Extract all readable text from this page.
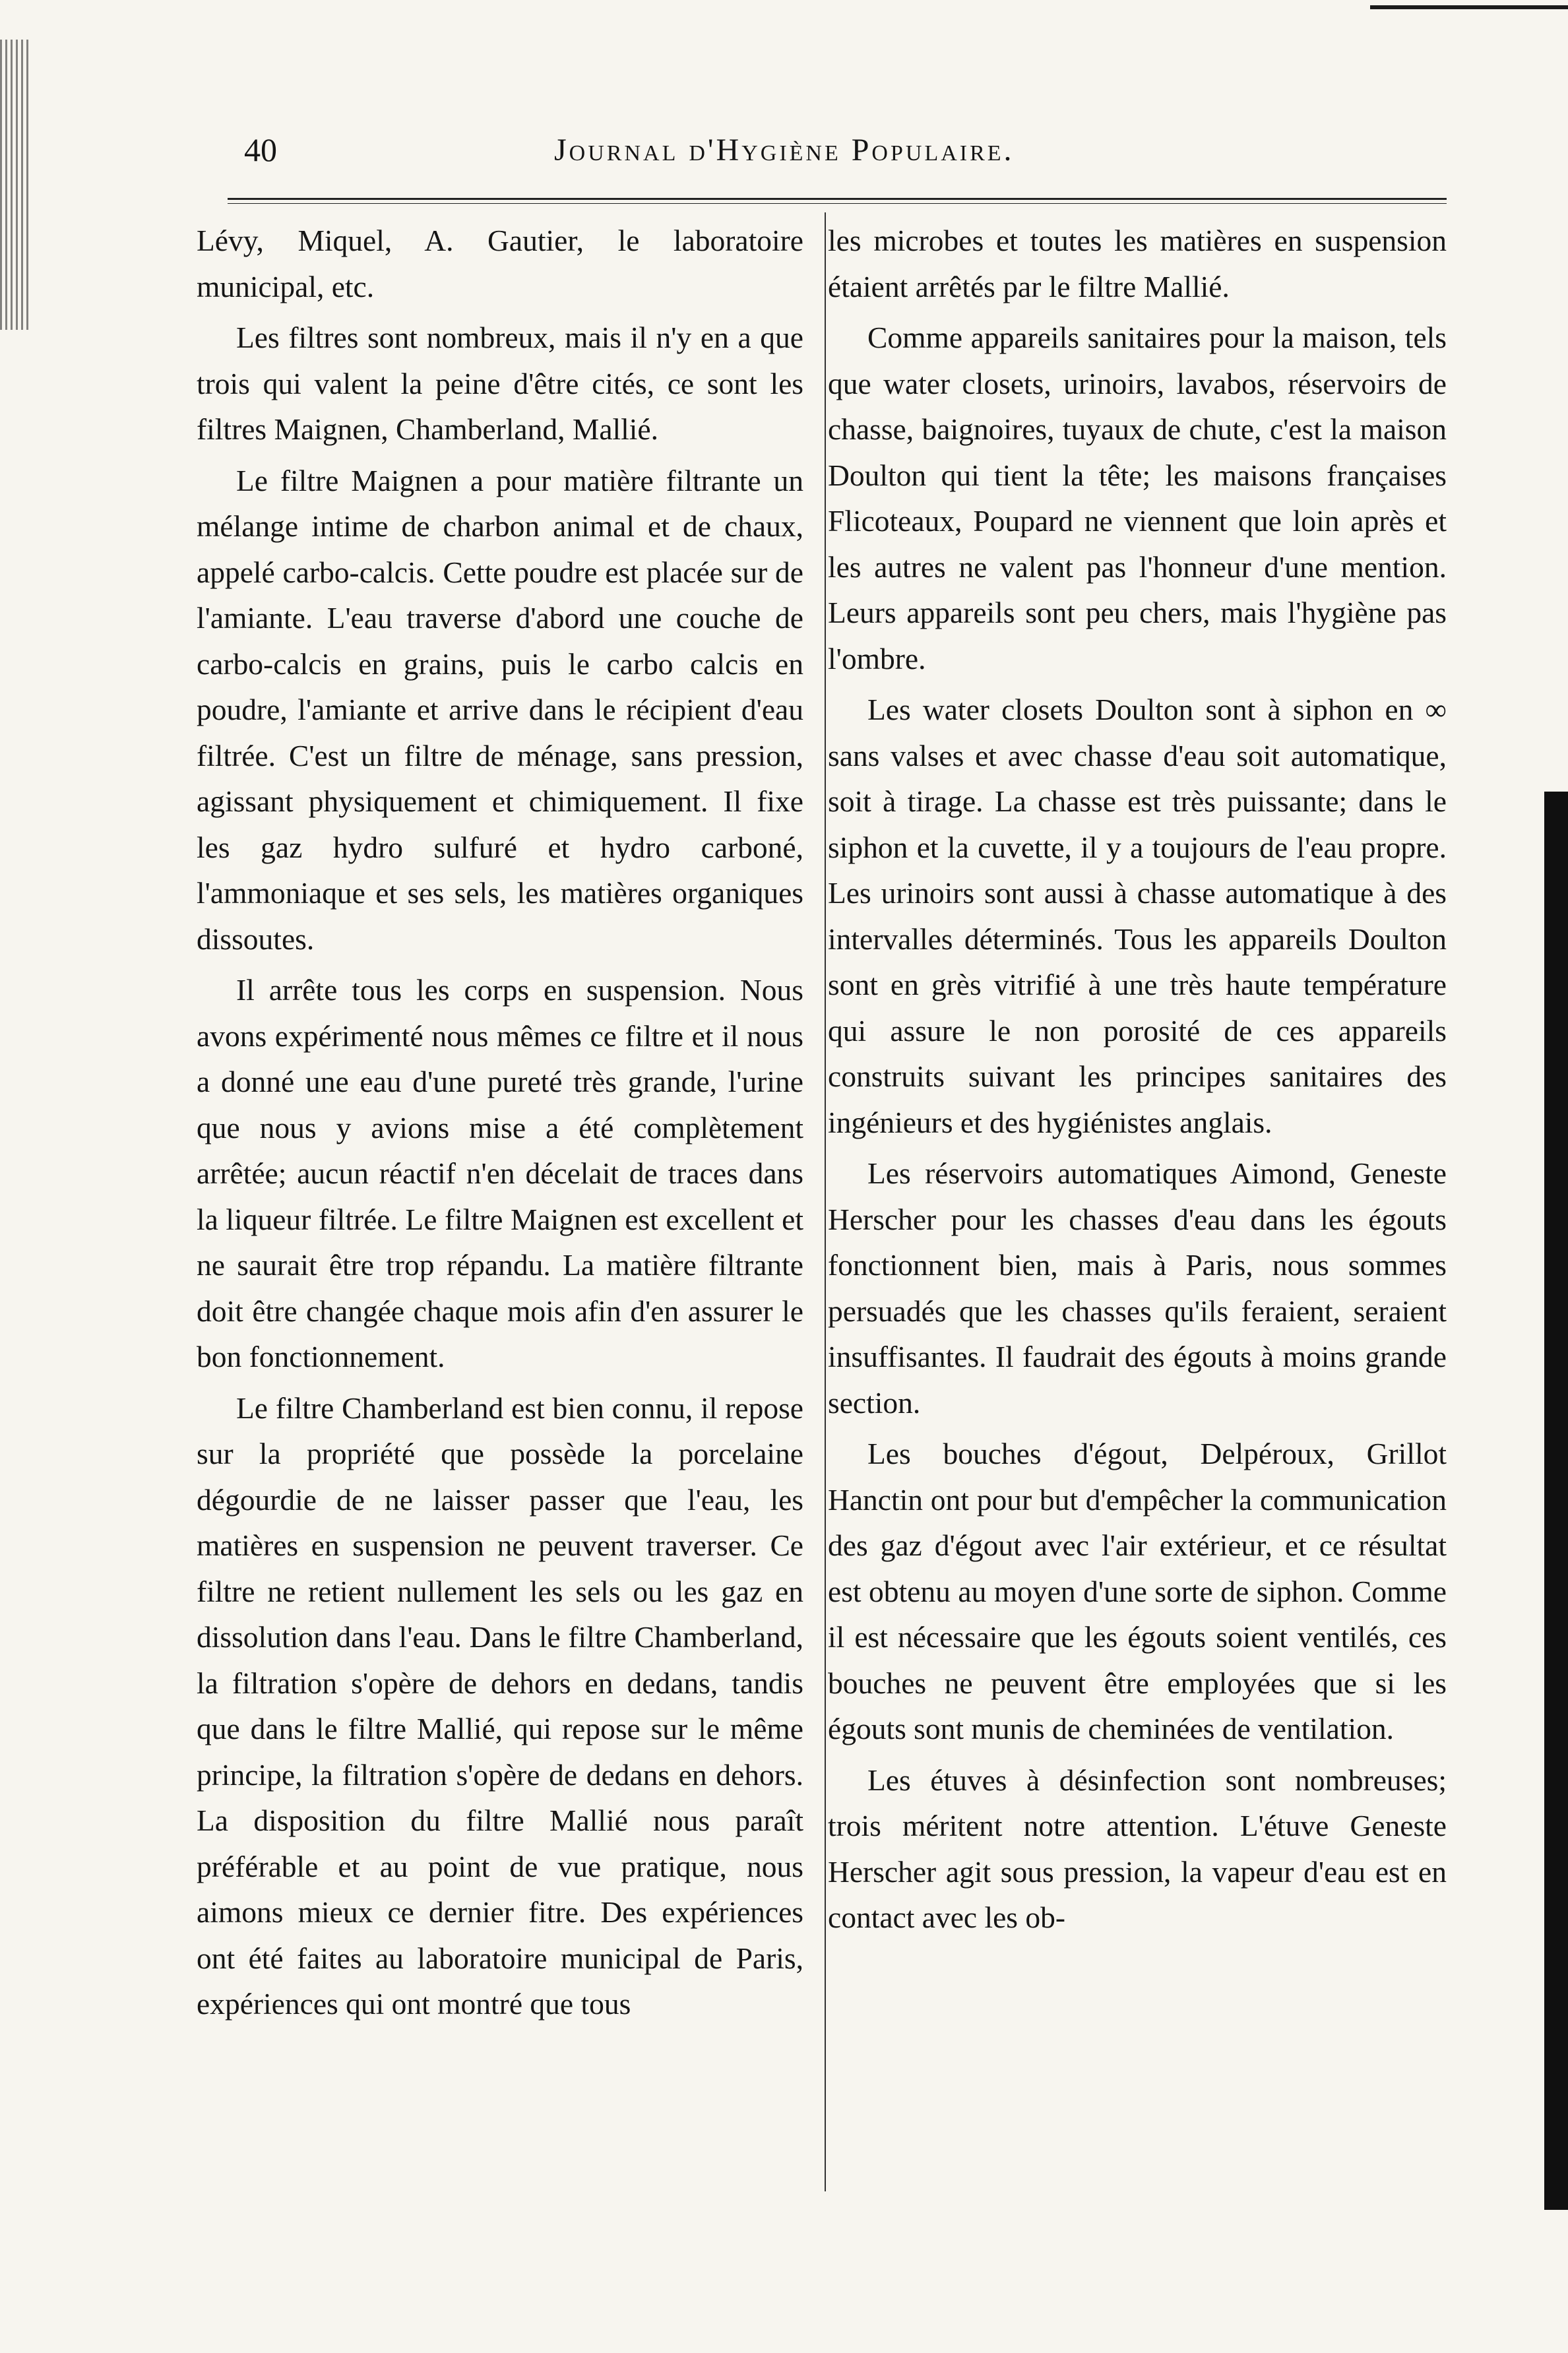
40	Journal d'Hygiène Populaire.

Lévy, Miquel, A. Gautier, le laboratoire municipal, etc.

Les filtres sont nombreux, mais il n'y en a que trois qui valent la peine d'être cités, ce sont les filtres Maignen, Chamberland, Mallié.

Le filtre Maignen a pour matière filtrante un mélange intime de charbon animal et de chaux, appelé carbo-calcis. Cette poudre est placée sur de l'amiante. L'eau traverse d'abord une couche de carbo-calcis en grains, puis le carbo calcis en poudre, l'amiante et arrive dans le récipient d'eau filtrée. C'est un filtre de ménage, sans pression, agissant physiquement et chimiquement. Il fixe les gaz hydro sulfuré et hydro carboné, l'ammoniaque et ses sels, les matières organiques dissoutes.

Il arrête tous les corps en suspension. Nous avons expérimenté nous mêmes ce filtre et il nous a donné une eau d'une pureté très grande, l'urine que nous y avions mise a été complètement arrêtée; aucun réactif n'en décelait de traces dans la liqueur filtrée. Le filtre Maignen est excellent et ne saurait être trop répandu. La matière filtrante doit être changée chaque mois afin d'en assurer le bon fonctionnement.

Le filtre Chamberland est bien connu, il repose sur la propriété que possède la porcelaine dégourdie de ne laisser passer que l'eau, les matières en suspension ne peuvent traverser. Ce filtre ne retient nullement les sels ou les gaz en dissolution dans l'eau. Dans le filtre Chamberland, la filtration s'opère de dehors en dedans, tandis que dans le filtre Mallié, qui repose sur le même principe, la filtration s'opère de dedans en dehors. La disposition du filtre Mallié nous paraît préférable et au point de vue pratique, nous aimons mieux ce dernier fitre. Des expériences ont été faites au laboratoire municipal de Paris, expériences qui ont montré que tous

les microbes et toutes les matières en suspension étaient arrêtés par le filtre Mallié.

Comme appareils sanitaires pour la maison, tels que water closets, urinoirs, lavabos, réservoirs de chasse, baignoires, tuyaux de chute, c'est la maison Doulton qui tient la tête; les maisons françaises Flicoteaux, Poupard ne viennent que loin après et les autres ne valent pas l'honneur d'une mention. Leurs appareils sont peu chers, mais l'hygiène pas l'ombre.

Les water closets Doulton sont à siphon en ∞ sans valses et avec chasse d'eau soit automatique, soit à tirage. La chasse est très puissante; dans le siphon et la cuvette, il y a toujours de l'eau propre. Les urinoirs sont aussi à chasse automatique à des intervalles déterminés. Tous les appareils Doulton sont en grès vitrifié à une très haute température qui assure le non porosité de ces appareils construits suivant les principes sanitaires des ingénieurs et des hygiénistes anglais.

Les réservoirs automatiques Aimond, Geneste Herscher pour les chasses d'eau dans les égouts fonctionnent bien, mais à Paris, nous sommes persuadés que les chasses qu'ils feraient, seraient insuffisantes. Il faudrait des égouts à moins grande section.

Les bouches d'égout, Delpéroux, Grillot Hanctin ont pour but d'empêcher la communication des gaz d'égout avec l'air extérieur, et ce résultat est obtenu au moyen d'une sorte de siphon. Comme il est nécessaire que les égouts soient ventilés, ces bouches ne peuvent être employées que si les égouts sont munis de cheminées de ventilation.

Les étuves à désinfection sont nombreuses; trois méritent notre attention. L'étuve Geneste Herscher agit sous pression, la vapeur d'eau est en contact avec les ob-
